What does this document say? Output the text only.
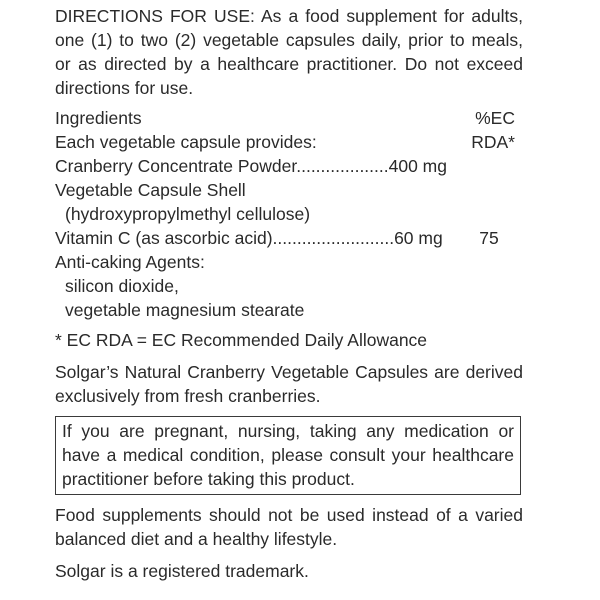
DIRECTIONS FOR USE: As a food supplement for adults, one (1) to two (2) vegetable capsules daily, prior to meals, or as directed by a healthcare practitioner. Do not exceed directions for use.

Ingredients	%EC
Each vegetable capsule provides:	RDA*
Cranberry Concentrate Powder...................400 mg	
Vegetable Capsule Shell	
(hydroxypropylmethyl cellulose)	
Vitamin C (as ascorbic acid).........................60 mg	75
Anti-caking Agents:	
silicon dioxide,	
vegetable magnesium stearate	

* EC RDA = EC Recommended Daily Allowance

Solgar’s Natural Cranberry Vegetable Capsules are derived exclusively from fresh cranberries.

If you are pregnant, nursing, taking any medication or have a medical condition, please consult your healthcare practitioner before taking this product.

Food supplements should not be used instead of a varied balanced diet and a healthy lifestyle.

Solgar is a registered trademark.
